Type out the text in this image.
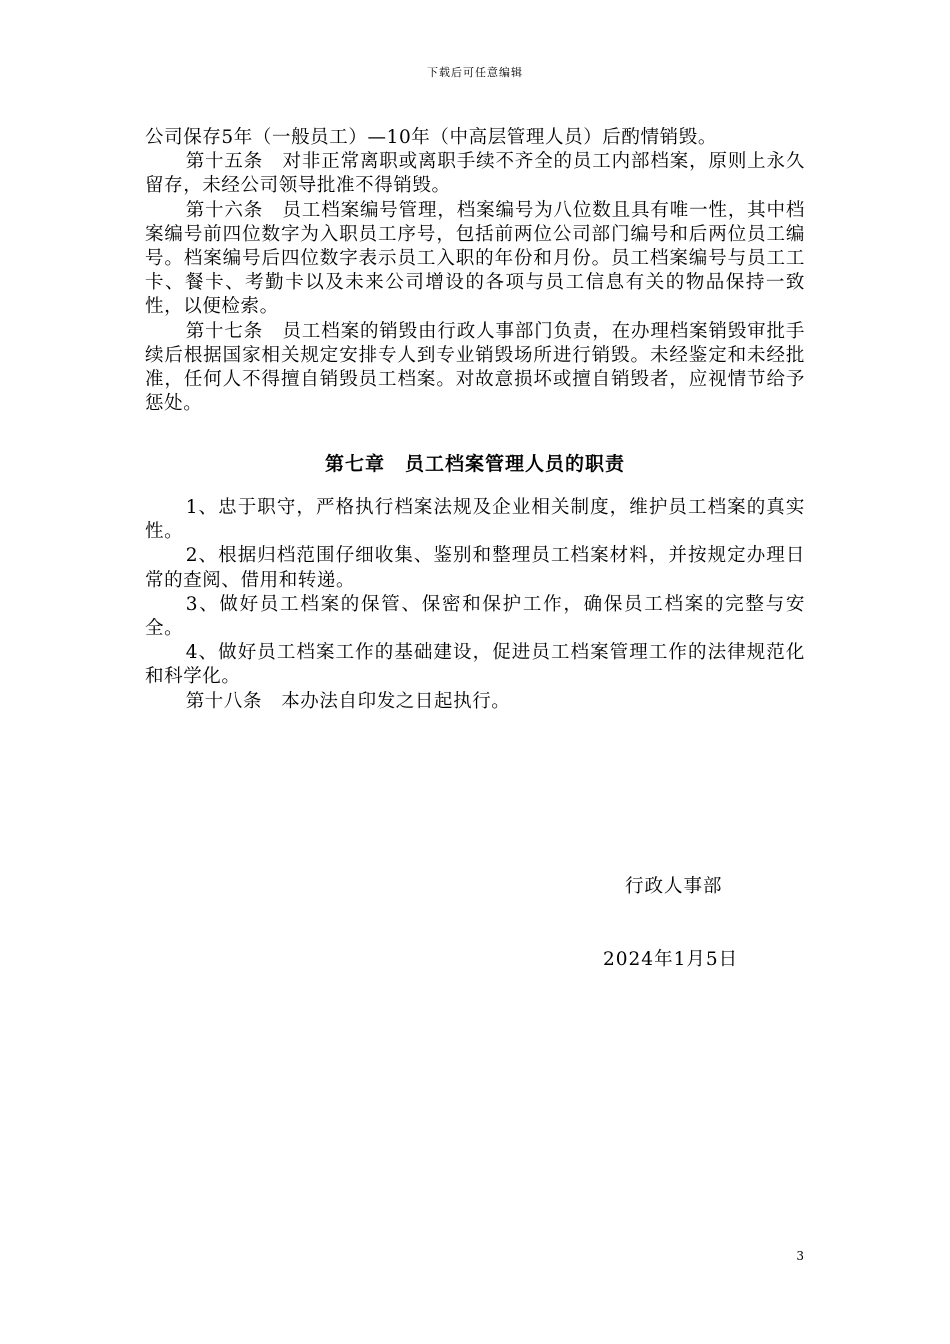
下载后可任意编辑

公司保存5年（一般员工）—10年（中高层管理人员）后酌情销毁。

第十五条　对非正常离职或离职手续不齐全的员工内部档案，原则上永久留存，未经公司领导批准不得销毁。

第十六条　员工档案编号管理，档案编号为八位数且具有唯一性，其中档案编号前四位数字为入职员工序号，包括前两位公司部门编号和后两位员工编号。档案编号后四位数字表示员工入职的年份和月份。员工档案编号与员工工卡、餐卡、考勤卡以及未来公司增设的各项与员工信息有关的物品保持一致性，以便检索。

第十七条　员工档案的销毁由行政人事部门负责，在办理档案销毁审批手续后根据国家相关规定安排专人到专业销毁场所进行销毁。未经鉴定和未经批准，任何人不得擅自销毁员工档案。对故意损坏或擅自销毁者，应视情节给予惩处。

第七章　员工档案管理人员的职责

1、忠于职守，严格执行档案法规及企业相关制度，维护员工档案的真实性。

2、根据归档范围仔细收集、鉴别和整理员工档案材料，并按规定办理日常的查阅、借用和转递。

3、做好员工档案的保管、保密和保护工作，确保员工档案的完整与安全。

4、做好员工档案工作的基础建设，促进员工档案管理工作的法律规范化和科学化。

第十八条　本办法自印发之日起执行。

行政人事部
2024年1月5日
3
